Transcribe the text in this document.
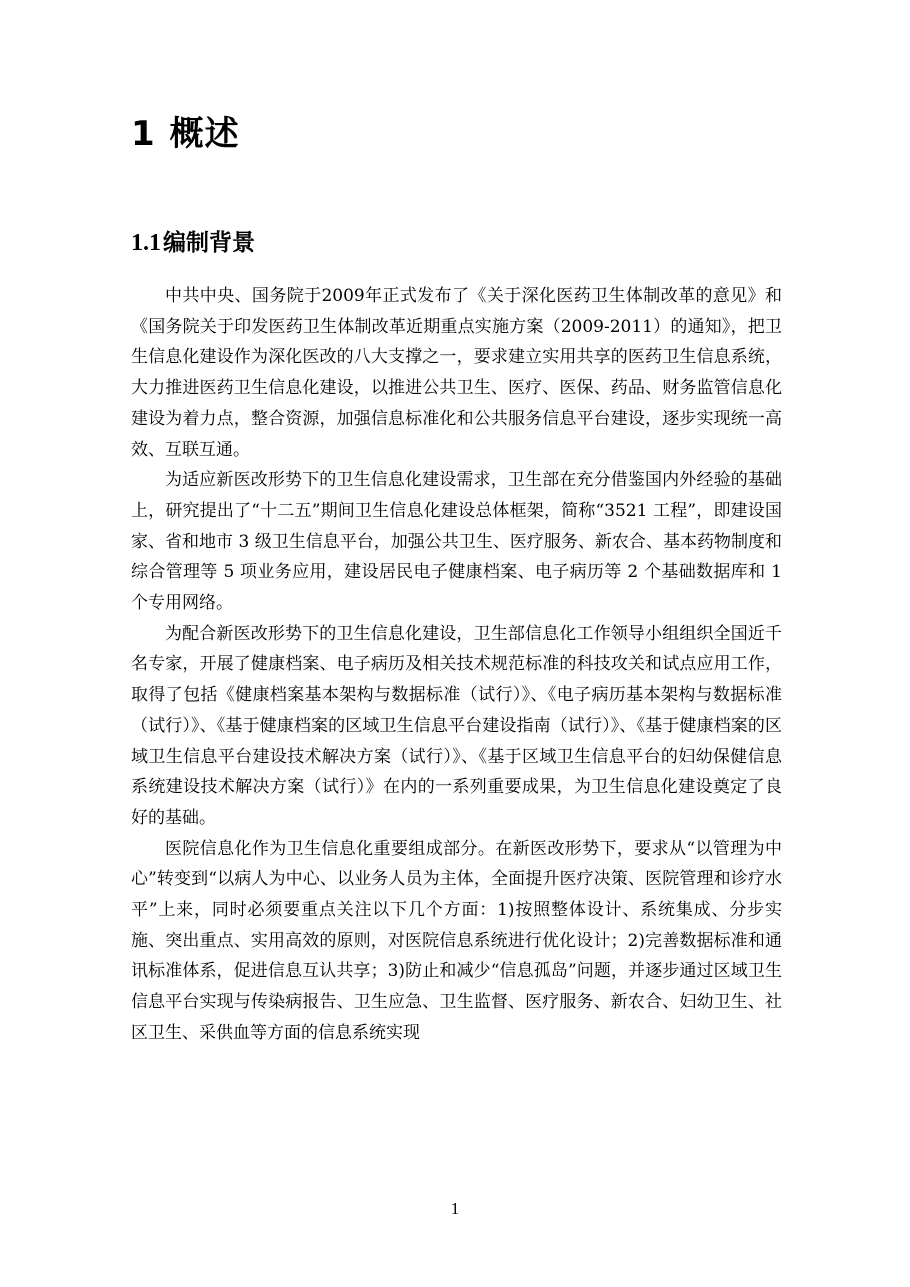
1 概述
1.1编制背景

中共中央、国务院于2009年正式发布了《关于深化医药卫生体制改革的意见》和《国务院关于印发医药卫生体制改革近期重点实施方案（2009-2011）的通知》，把卫生信息化建设作为深化医改的八大支撑之一，要求建立实用共享的医药卫生信息系统，大力推进医药卫生信息化建设，以推进公共卫生、医疗、医保、药品、财务监管信息化建设为着力点，整合资源，加强信息标准化和公共服务信息平台建设，逐步实现统一高效、互联互通。

为适应新医改形势下的卫生信息化建设需求，卫生部在充分借鉴国内外经验的基础上，研究提出了“十二五”期间卫生信息化建设总体框架，简称“3521 工程”，即建设国家、省和地市 3 级卫生信息平台，加强公共卫生、医疗服务、新农合、基本药物制度和综合管理等 5 项业务应用，建设居民电子健康档案、电子病历等 2 个基础数据库和 1 个专用网络。

为配合新医改形势下的卫生信息化建设，卫生部信息化工作领导小组组织全国近千名专家，开展了健康档案、电子病历及相关技术规范标准的科技攻关和试点应用工作，取得了包括《健康档案基本架构与数据标准（试行）》、《电子病历基本架构与数据标准（试行）》、《基于健康档案的区域卫生信息平台建设指南（试行）》、《基于健康档案的区域卫生信息平台建设技术解决方案（试行）》、《基于区域卫生信息平台的妇幼保健信息系统建设技术解决方案（试行）》在内的一系列重要成果，为卫生信息化建设奠定了良好的基础。

医院信息化作为卫生信息化重要组成部分。在新医改形势下，要求从“以管理为中心”转变到“以病人为中心、以业务人员为主体，全面提升医疗决策、医院管理和诊疗水平”上来，同时必须要重点关注以下几个方面：1)按照整体设计、系统集成、分步实施、突出重点、实用高效的原则，对医院信息系统进行优化设计；2)完善数据标准和通讯标准体系，促进信息互认共享；3)防止和减少“信息孤岛”问题，并逐步通过区域卫生信息平台实现与传染病报告、卫生应急、卫生监督、医疗服务、新农合、妇幼卫生、社区卫生、采供血等方面的信息系统实现

1
